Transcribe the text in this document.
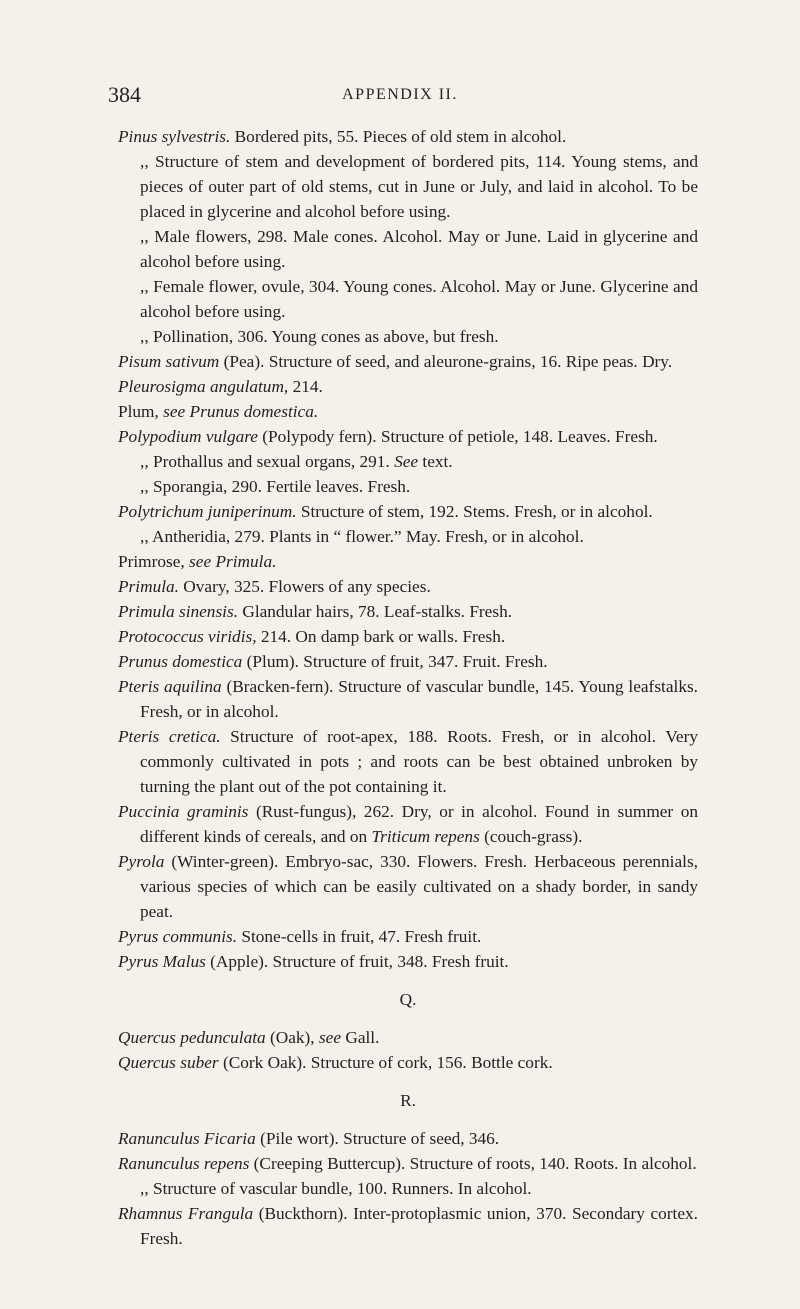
384	APPENDIX II.

Pinus sylvestris. Bordered pits, 55. Pieces of old stem in alcohol.

,, Structure of stem and development of bordered pits, 114. Young stems, and pieces of outer part of old stems, cut in June or July, and laid in alcohol. To be placed in glycerine and alcohol before using.

,, Male flowers, 298. Male cones. Alcohol. May or June. Laid in glycerine and alcohol before using.

,, Female flower, ovule, 304. Young cones. Alcohol. May or June. Glycerine and alcohol before using.

,, Pollination, 306. Young cones as above, but fresh.

Pisum sativum (Pea). Structure of seed, and aleurone-grains, 16. Ripe peas. Dry.

Pleurosigma angulatum, 214.

Plum, see Prunus domestica.

Polypodium vulgare (Polypody fern). Structure of petiole, 148. Leaves. Fresh.

,, Prothallus and sexual organs, 291. See text.

,, Sporangia, 290. Fertile leaves. Fresh.

Polytrichum juniperinum. Structure of stem, 192. Stems. Fresh, or in alcohol.

,, Antheridia, 279. Plants in “ flower.” May. Fresh, or in alcohol.

Primrose, see Primula.

Primula. Ovary, 325. Flowers of any species.

Primula sinensis. Glandular hairs, 78. Leaf-stalks. Fresh.

Protococcus viridis, 214. On damp bark or walls. Fresh.

Prunus domestica (Plum). Structure of fruit, 347. Fruit. Fresh.

Pteris aquilina (Bracken-fern). Structure of vascular bundle, 145. Young leafstalks. Fresh, or in alcohol.

Pteris cretica. Structure of root-apex, 188. Roots. Fresh, or in alcohol. Very commonly cultivated in pots ; and roots can be best obtained unbroken by turning the plant out of the pot containing it.

Puccinia graminis (Rust-fungus), 262. Dry, or in alcohol. Found in summer on different kinds of cereals, and on Triticum repens (couch-grass).

Pyrola (Winter-green). Embryo-sac, 330. Flowers. Fresh. Herbaceous perennials, various species of which can be easily cultivated on a shady border, in sandy peat.

Pyrus communis. Stone-cells in fruit, 47. Fresh fruit.

Pyrus Malus (Apple). Structure of fruit, 348. Fresh fruit.

Q.

Quercus pedunculata (Oak), see Gall.

Quercus suber (Cork Oak). Structure of cork, 156. Bottle cork.

R.

Ranunculus Ficaria (Pile wort). Structure of seed, 346.

Ranunculus repens (Creeping Buttercup). Structure of roots, 140. Roots. In alcohol.

,, Structure of vascular bundle, 100. Runners. In alcohol.

Rhamnus Frangula (Buckthorn). Inter-protoplasmic union, 370. Secondary cortex. Fresh.
